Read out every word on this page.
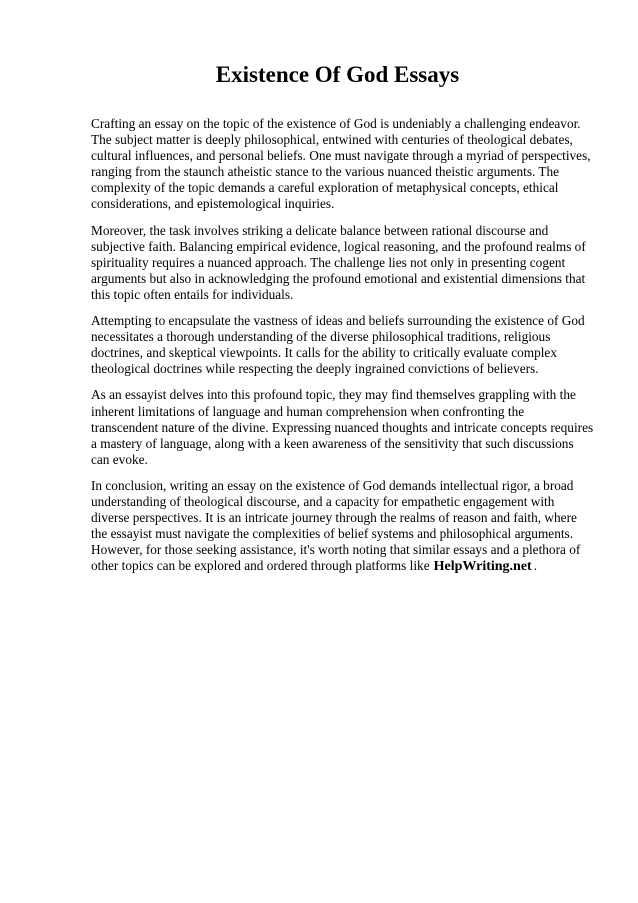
Existence Of God Essays

Crafting an essay on the topic of the existence of God is undeniably a challenging endeavor. The subject matter is deeply philosophical, entwined with centuries of theological debates, cultural influences, and personal beliefs. One must navigate through a myriad of perspectives, ranging from the staunch atheistic stance to the various nuanced theistic arguments. The complexity of the topic demands a careful exploration of metaphysical concepts, ethical considerations, and epistemological inquiries.

Moreover, the task involves striking a delicate balance between rational discourse and subjective faith. Balancing empirical evidence, logical reasoning, and the profound realms of spirituality requires a nuanced approach. The challenge lies not only in presenting cogent arguments but also in acknowledging the profound emotional and existential dimensions that this topic often entails for individuals.

Attempting to encapsulate the vastness of ideas and beliefs surrounding the existence of God necessitates a thorough understanding of the diverse philosophical traditions, religious doctrines, and skeptical viewpoints. It calls for the ability to critically evaluate complex theological doctrines while respecting the deeply ingrained convictions of believers.

As an essayist delves into this profound topic, they may find themselves grappling with the inherent limitations of language and human comprehension when confronting the transcendent nature of the divine. Expressing nuanced thoughts and intricate concepts requires a mastery of language, along with a keen awareness of the sensitivity that such discussions can evoke.

In conclusion, writing an essay on the existence of God demands intellectual rigor, a broad understanding of theological discourse, and a capacity for empathetic engagement with diverse perspectives. It is an intricate journey through the realms of reason and faith, where the essayist must navigate the complexities of belief systems and philosophical arguments. However, for those seeking assistance, it's worth noting that similar essays and a plethora of other topics can be explored and ordered through platforms like HelpWriting.net .
